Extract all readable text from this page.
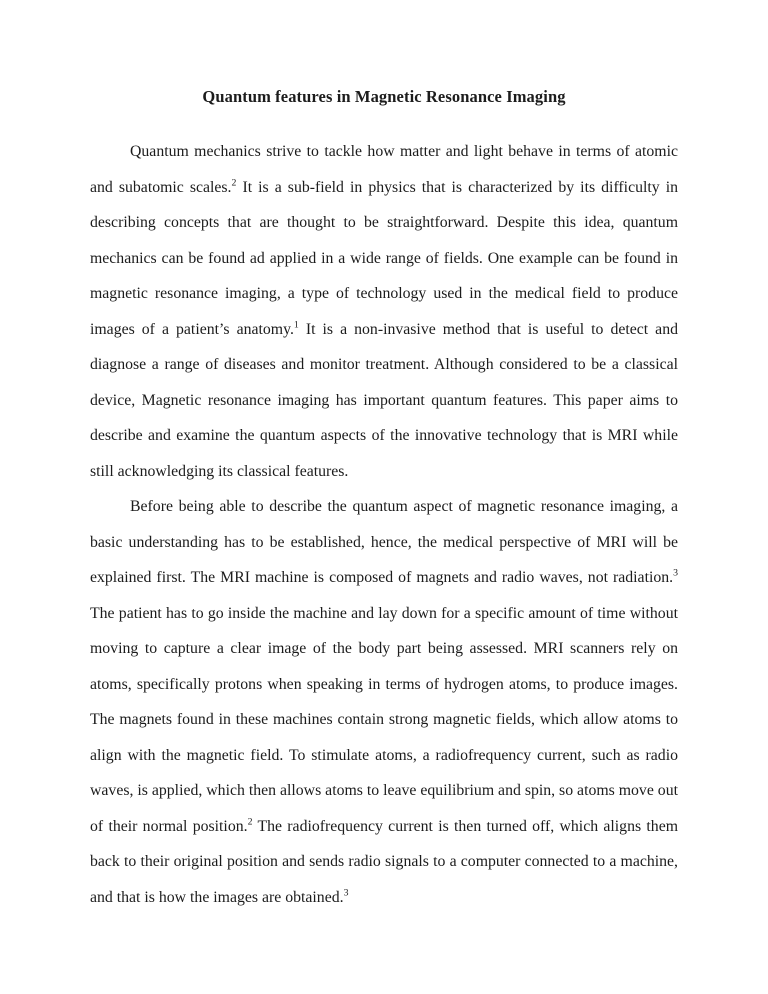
Quantum features in Magnetic Resonance Imaging

Quantum mechanics strive to tackle how matter and light behave in terms of atomic and subatomic scales.$^2$ It is a sub-field in physics that is characterized by its difficulty in describing concepts that are thought to be straightforward. Despite this idea, quantum mechanics can be found ad applied in a wide range of fields. One example can be found in magnetic resonance imaging, a type of technology used in the medical field to produce images of a patient’s anatomy.$^1$ It is a non-invasive method that is useful to detect and diagnose a range of diseases and monitor treatment. Although considered to be a classical device, Magnetic resonance imaging has important quantum features. This paper aims to describe and examine the quantum aspects of the innovative technology that is MRI while still acknowledging its classical features.

Before being able to describe the quantum aspect of magnetic resonance imaging, a basic understanding has to be established, hence, the medical perspective of MRI will be explained first. The MRI machine is composed of magnets and radio waves, not radiation.$^3$ The patient has to go inside the machine and lay down for a specific amount of time without moving to capture a clear image of the body part being assessed. MRI scanners rely on atoms, specifically protons when speaking in terms of hydrogen atoms, to produce images. The magnets found in these machines contain strong magnetic fields, which allow atoms to align with the magnetic field. To stimulate atoms, a radiofrequency current, such as radio waves, is applied, which then allows atoms to leave equilibrium and spin, so atoms move out of their normal position.$^2$ The radiofrequency current is then turned off, which aligns them back to their original position and sends radio signals to a computer connected to a machine, and that is how the images are obtained.$^3$
